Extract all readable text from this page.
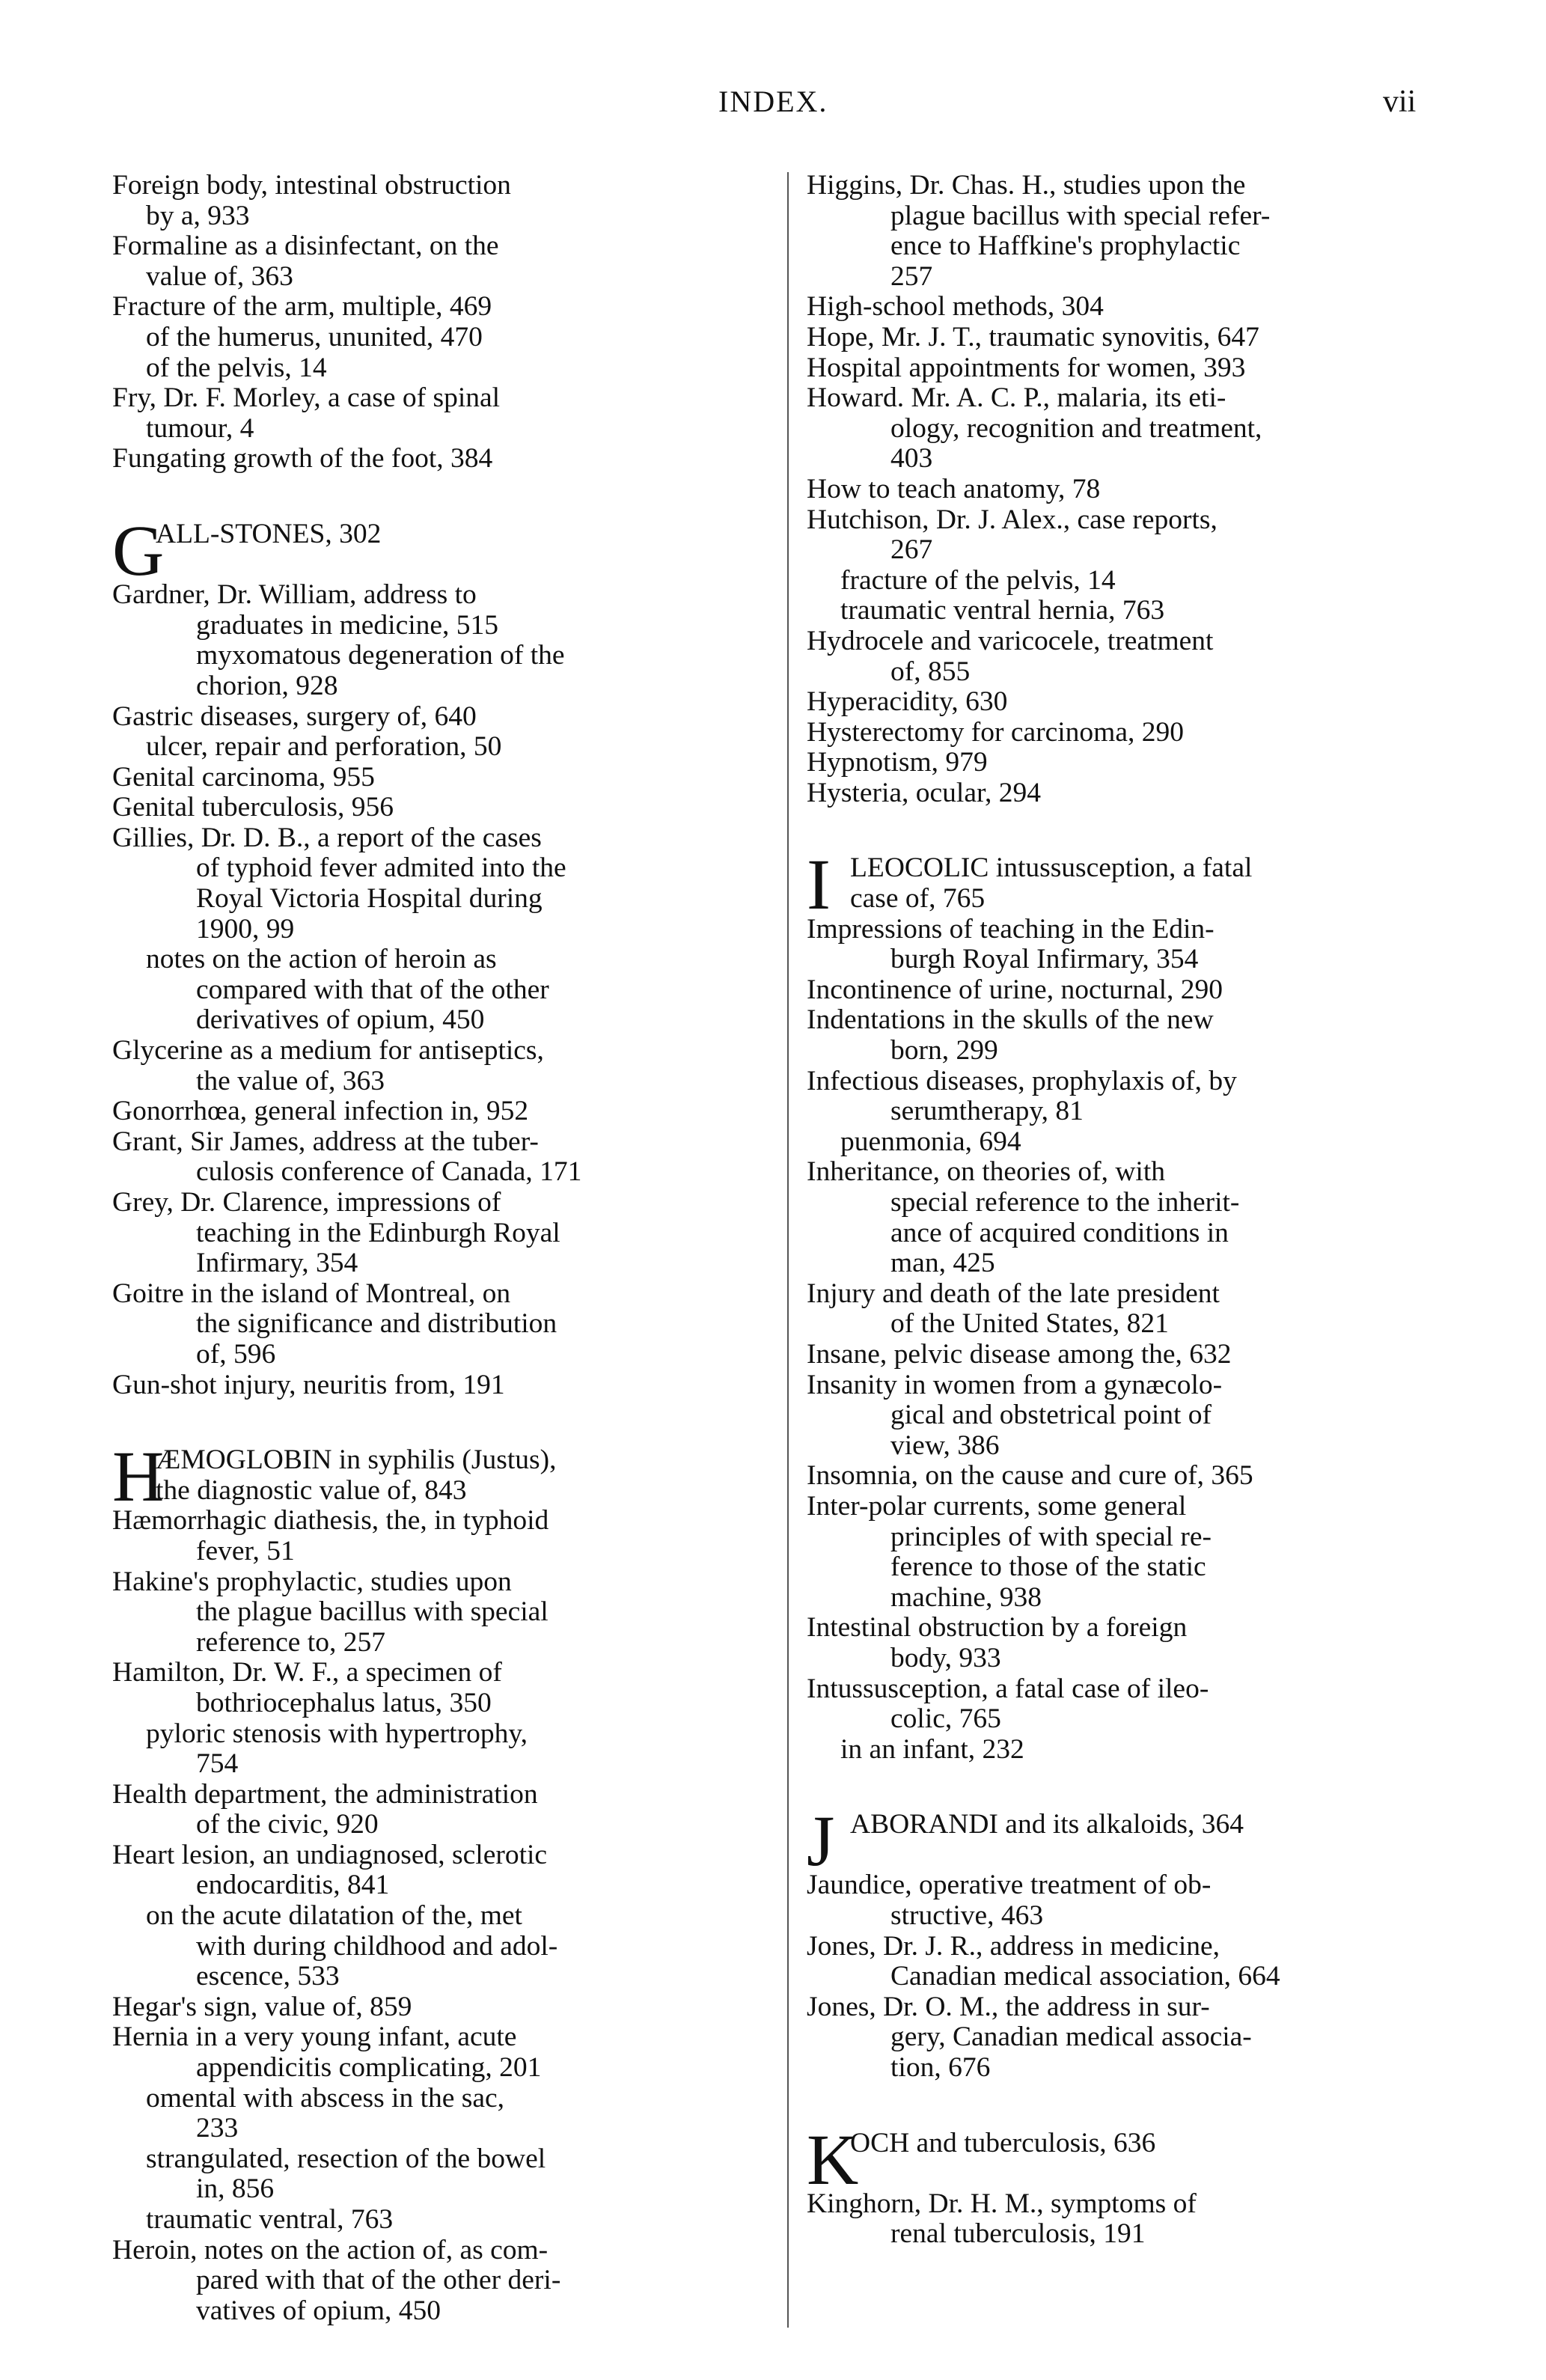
INDEX.	vii
Foreign body, intestinal obstruction
by a, 933
Formaline as a disinfectant, on the
value of, 363
Fracture of the arm, multiple, 469
of the humerus, ununited, 470
of the pelvis, 14
Fry, Dr. F. Morley, a case of spinal
tumour, 4
Fungating growth of the foot, 384
G
ALL-STONES, 302
Gardner, Dr. William, address to
graduates in medicine, 515
myxomatous degeneration of the
chorion, 928
Gastric diseases, surgery of, 640
ulcer, repair and perforation, 50
Genital carcinoma, 955
Genital tuberculosis, 956
Gillies, Dr. D. B., a report of the cases
of typhoid fever admited into the
Royal Victoria Hospital during
1900, 99
notes on the action of heroin as
compared with that of the other
derivatives of opium, 450
Glycerine as a medium for antiseptics,
the value of, 363
Gonorrhœa, general infection in, 952
Grant, Sir James, address at the tuber-
culosis conference of Canada, 171
Grey, Dr. Clarence, impressions of
teaching in the Edinburgh Royal
Infirmary, 354
Goitre in the island of Montreal, on
the significance and distribution
of, 596
Gun-shot injury, neuritis from, 191
H
ÆMOGLOBIN in syphilis (Justus),
the diagnostic value of, 843
Hæmorrhagic diathesis, the, in typhoid
fever, 51
Hakine's prophylactic, studies upon
the plague bacillus with special
reference to, 257
Hamilton, Dr. W. F., a specimen of
bothriocephalus latus, 350
pyloric stenosis with hypertrophy,
754
Health department, the administration
of the civic, 920
Heart lesion, an undiagnosed, sclerotic
endocarditis, 841
on the acute dilatation of the, met
with during childhood and adol-
escence, 533
Hegar's sign, value of, 859
Hernia in a very young infant, acute
appendicitis complicating, 201
omental with abscess in the sac,
233
strangulated, resection of the bowel
in, 856
traumatic ventral, 763
Heroin, notes on the action of, as com-
pared with that of the other deri-
vatives of opium, 450
Higgins, Dr. Chas. H., studies upon the
plague bacillus with special refer-
ence to Haffkine's prophylactic
257
High-school methods, 304
Hope, Mr. J. T., traumatic synovitis, 647
Hospital appointments for women, 393
Howard. Mr. A. C. P., malaria, its eti-
ology, recognition and treatment,
403
How to teach anatomy, 78
Hutchison, Dr. J. Alex., case reports,
267
fracture of the pelvis, 14
traumatic ventral hernia, 763
Hydrocele and varicocele, treatment
of, 855
Hyperacidity, 630
Hysterectomy for carcinoma, 290
Hypnotism, 979
Hysteria, ocular, 294
I LEOCOLIC intussusception, a fatal
case of, 765
Impressions of teaching in the Edin-
burgh Royal Infirmary, 354
Incontinence of urine, nocturnal, 290
Indentations in the skulls of the new
born, 299
Infectious diseases, prophylaxis of, by
serumtherapy, 81
puenmonia, 694
Inheritance, on theories of, with
special reference to the inherit-
ance of acquired conditions in
man, 425
Injury and death of the late president
of the United States, 821
Insane, pelvic disease among the, 632
Insanity in women from a gynæcolo-
gical and obstetrical point of
view, 386
Insomnia, on the cause and cure of, 365
Inter-polar currents, some general
principles of with special re-
ference to those of the static
machine, 938
Intestinal obstruction by a foreign
body, 933
Intussusception, a fatal case of ileo-
colic, 765
in an infant, 232
J ABORANDI and its alkaloids, 364
Jaundice, operative treatment of ob-
structive, 463
Jones, Dr. J. R., address in medicine,
Canadian medical association, 664
Jones, Dr. O. M., the address in sur-
gery, Canadian medical associa-
tion, 676
K
OCH and tuberculosis, 636
Kinghorn, Dr. H. M., symptoms of
renal tuberculosis, 191
